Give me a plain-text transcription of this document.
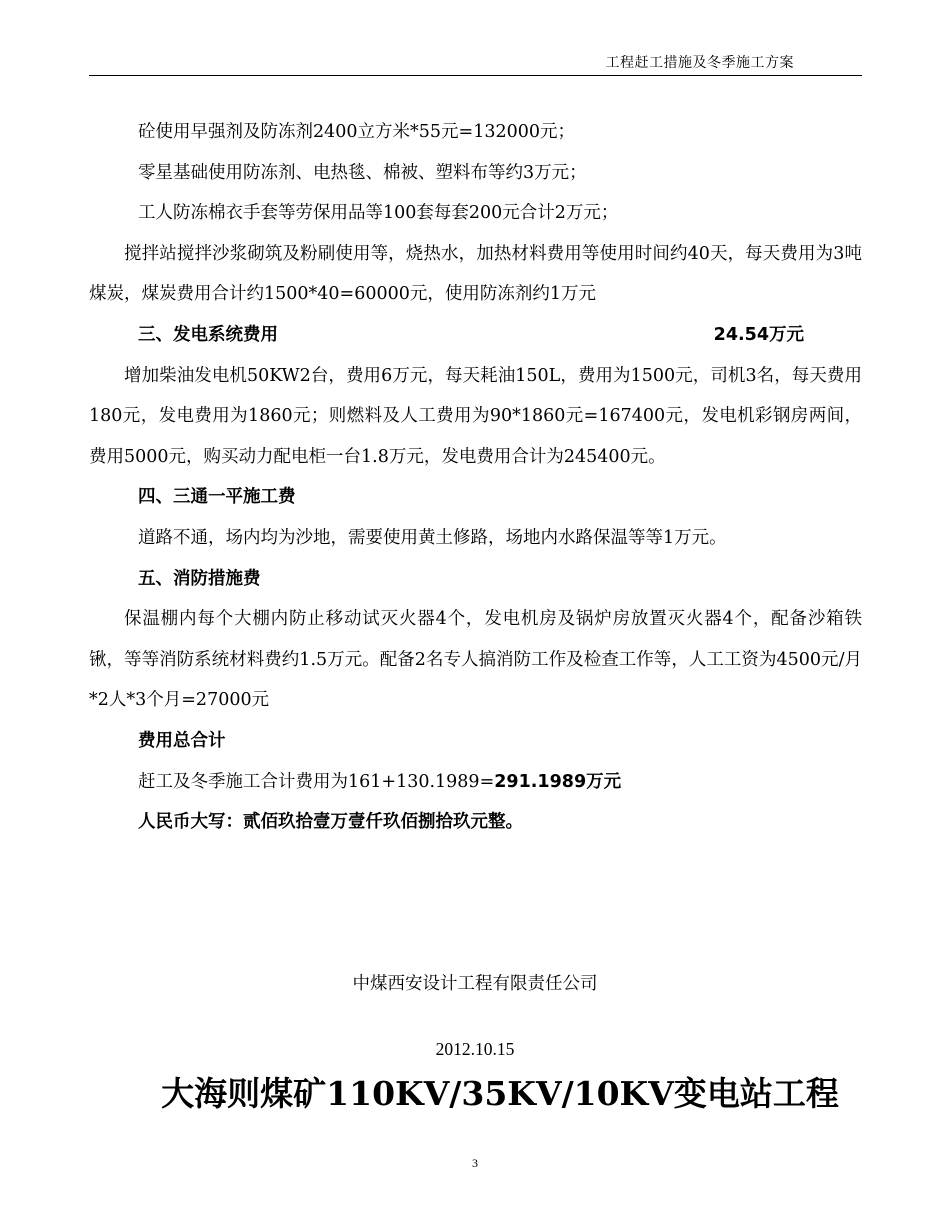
工程赶工措施及冬季施工方案

砼使用早强剂及防冻剂2400立方米*55元=132000元；

零星基础使用防冻剂、电热毯、棉被、塑料布等约3万元；

工人防冻棉衣手套等劳保用品等100套每套200元合计2万元；

搅拌站搅拌沙浆砌筑及粉刷使用等，烧热水，加热材料费用等使用时间约40天，每天费用为3吨煤炭，煤炭费用合计约1500*40=60000元，使用防冻剂约1万元

三、发电系统费用	24.54万元

增加柴油发电机50KW2台，费用6万元，每天耗油150L，费用为1500元，司机3名，每天费用180元，发电费用为1860元；则燃料及人工费用为90*1860元=167400元，发电机彩钢房两间，费用5000元，购买动力配电柜一台1.8万元，发电费用合计为245400元。

四、三通一平施工费

道路不通，场内均为沙地，需要使用黄土修路，场地内水路保温等等1万元。

五、消防措施费

保温棚内每个大棚内防止移动试灭火器4个，发电机房及锅炉房放置灭火器4个，配备沙箱铁锹，等等消防系统材料费约1.5万元。配备2名专人搞消防工作及检查工作等，人工工资为4500元/月*2人*3个月=27000元

费用总合计

赶工及冬季施工合计费用为161+130.1989=291.1989万元

人民币大写：贰佰玖拾壹万壹仟玖佰捌拾玖元整。

中煤西安设计工程有限责任公司
2012.10.15
大海则煤矿110KV/35KV/10KV变电站工程
3
